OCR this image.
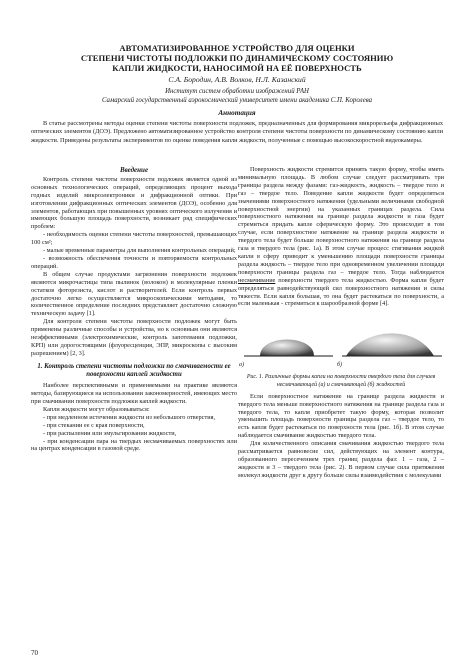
АВТОМАТИЗИРОВАННОЕ УСТРОЙСТВО ДЛЯ ОЦЕНКИ
СТЕПЕНИ ЧИСТОТЫ ПОДЛОЖКИ ПО ДИНАМИЧЕСКОМУ СОСТОЯНИЮ
КАПЛИ ЖИДКОСТИ, НАНОСИМОЙ НА ЕЁ ПОВЕРХНОСТЬ
С.А. Бородин, А.В. Волков, Н.Л. Казанский
Институт систем обработки изображений РАН
Самарский государственный аэрокосмический университет имени академика С.П. Королева
Аннотация
В статье рассмотрены методы оценки степени чистоты поверхности подложек, предназначенных для формирования микрорельефа дифракционных оптических элементов (ДОЭ). Предложено автоматизированное устройство контроля степени чистоты поверхности по динамическому состоянию капли жидкости. Приведены результаты экспериментов по оценке поведения капли жидкости, полученные с помощью высокоскоростной видеокамеры.
Введение

Контроль степени чистоты поверхности подложек является одной из основных технологических операций, определяющих процент выхода годных изделий микроэлектроники и дифракционной оптики. При изготовлении дифракционных оптических элементов (ДОЭ), особенно для элементов, работающих при повышенных уровнях оптического излучения и имеющих большую площадь поверхности, возникает ряд специфических проблем:

- необходимость оценки степени чистоты поверхностей, превышающих 100 см²;

- малые временные параметры для выполнения контрольных операций;

- возможность обеспечения точности и повторяемости контрольных операций.

В общем случае продуктами загрязнения поверхности подложек являются микрочастицы типа пылинок (волокон) и молекулярные пленки остатков фоторезиста, кислот и растворителей. Если контроль первых достаточно легко осуществляется микроскопическими методами, то количественное определение последних представляет достаточно сложную техническую задачу [1].

Для контроля степени чистоты поверхности подложек могут быть применены различные способы и устройства, но к основным они являются неэффективными (электрохимические, контроль запотевания подложки, КРП) или дорогостоящими (флуоресценция, ЭПР, микроскопы с высоким разрешением) [2, 3].

1. Контроль степени чистоты подложки по смачиваемости ее поверхности каплей жидкости

Наиболее перспективными и применяемыми на практике являются методы, базирующиеся на использовании закономерностей, имеющих место при смачивании поверхности подложки каплей жидкости.

Капли жидкости могут образовываться:

- при медленном истечении жидкости из небольшого отверстия,

- при стекании ее с края поверхности,

- при распылении или эмульгировании жидкости,

- при конденсации пара на твердых несмачиваемых поверхностях или на центрах конденсации в газовой среде.

Поверхность жидкости стремится принять такую форму, чтобы иметь минимальную площадь. В любом случае следует рассматривать три границы раздела между фазами: газ-жидкость, жидкость – твердое тело и газ – твердое тело. Поведение капли жидкости будет определяться значениями поверхностного натяжения (удельными величинами свободной поверхностной энергии) на указанных границах раздела. Сила поверхностного натяжения на границе раздела жидкости и газа будет стремиться придать капле сферическую форму. Это происходит в том случае, если поверхностное натяжение на границе раздела жидкости и твердого тела будет больше поверхностного натяжения на границе раздела газа и твердого тела (рис. 1а). В этом случае процесс стягивания жидкой капли в сферу приводит к уменьшению площади поверхности границы раздела жидкость – твердое тело при одновременном увеличении площади поверхности границы раздела газ – твердое тело. Тогда наблюдается несмачивание поверхности твердого тела жидкостью. Форма капли будет определяться равнодействующей сил поверхностного натяжения и силы тяжести. Если капля большая, то она будет растекаться по поверхности, а если маленькая - стремиться к шарообразной форме [4].

а)	б)
Рис. 1. Различные формы капли на поверхности твердого тела для случаев несмачивающей (а) и смачивающей (б) жидкостей

Если поверхностное натяжение на границе раздела жидкости и твердого тела меньше поверхностного натяжения на границе раздела газа и твердого тела, то капля приобретет такую форму, которая позволит уменьшить площадь поверхности границы раздела газ – твердое тело, то есть капля будет растекаться по поверхности тела (рис. 1б). В этом случае наблюдается смачивание жидкостью твердого тела.

Для количественного описания смачивания жидкостью твердого тела рассматривается равновесие сил, действующих на элемент контура, образованного пересечением трех границ раздела фаз: 1 – газа, 2 – жидкости и 3 – твердого тела (рис. 2). В первом случае сила притяжения молекул жидкости друг к другу больше силы взаимодействия с молекулами

70
